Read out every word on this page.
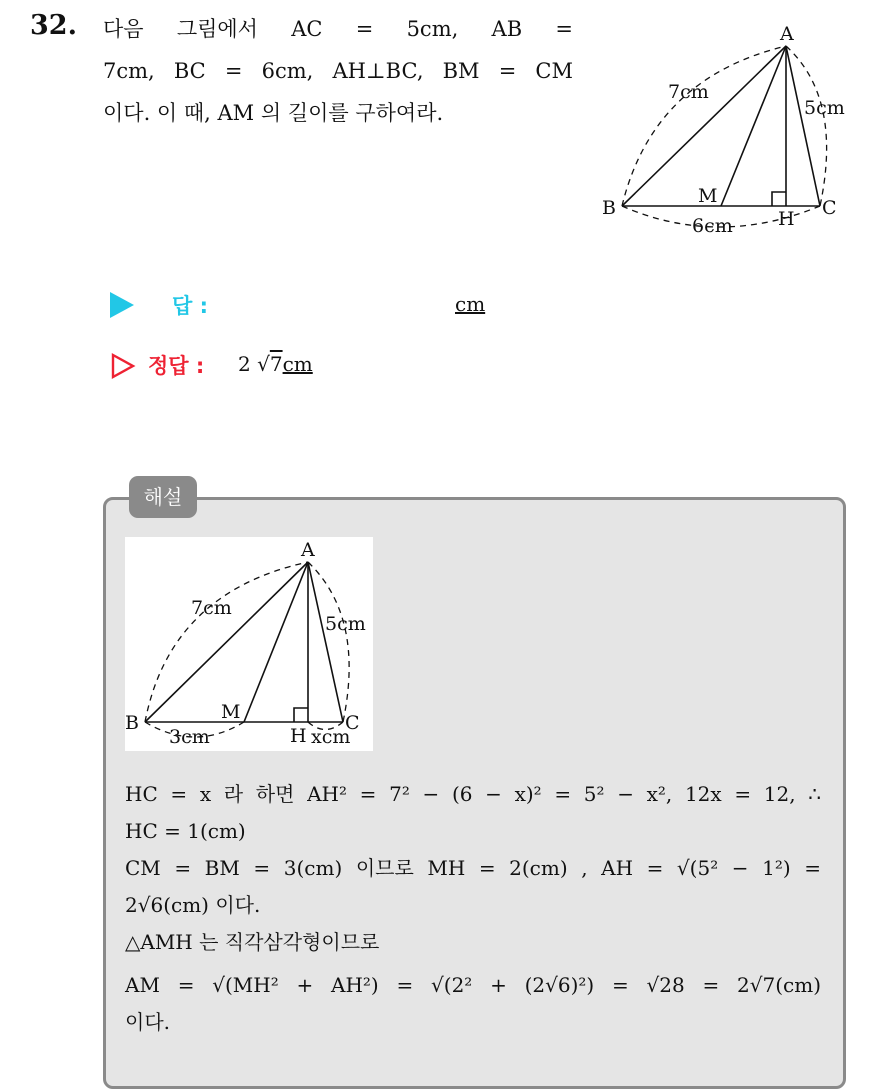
32. 다음 그림에서 AC = 5cm, AB =
7cm, BC = 6cm, AH⊥BC, BM = CM
이다. 이 때, AM 의 길이를 구하여라.
A
B	C
H
M
7cm
5cm
6cm
답 :	cm
정답 : 2 √7cm
해설
A
B	C
H
M
7cm
5cm
3cm	xcm
HC = x 라 하면 AH² = 7² − (6 − x)² = 5² − x², 12x = 12, ∴
HC = 1(cm)
CM = BM = 3(cm) 이므로 MH = 2(cm) , AH = √(5² − 1²) =
2√6(cm) 이다.
△AMH 는 직각삼각형이므로
AM = √(MH² + AH²) = √(2² + (2√6)²) = √28 = 2√7(cm)
이다.
